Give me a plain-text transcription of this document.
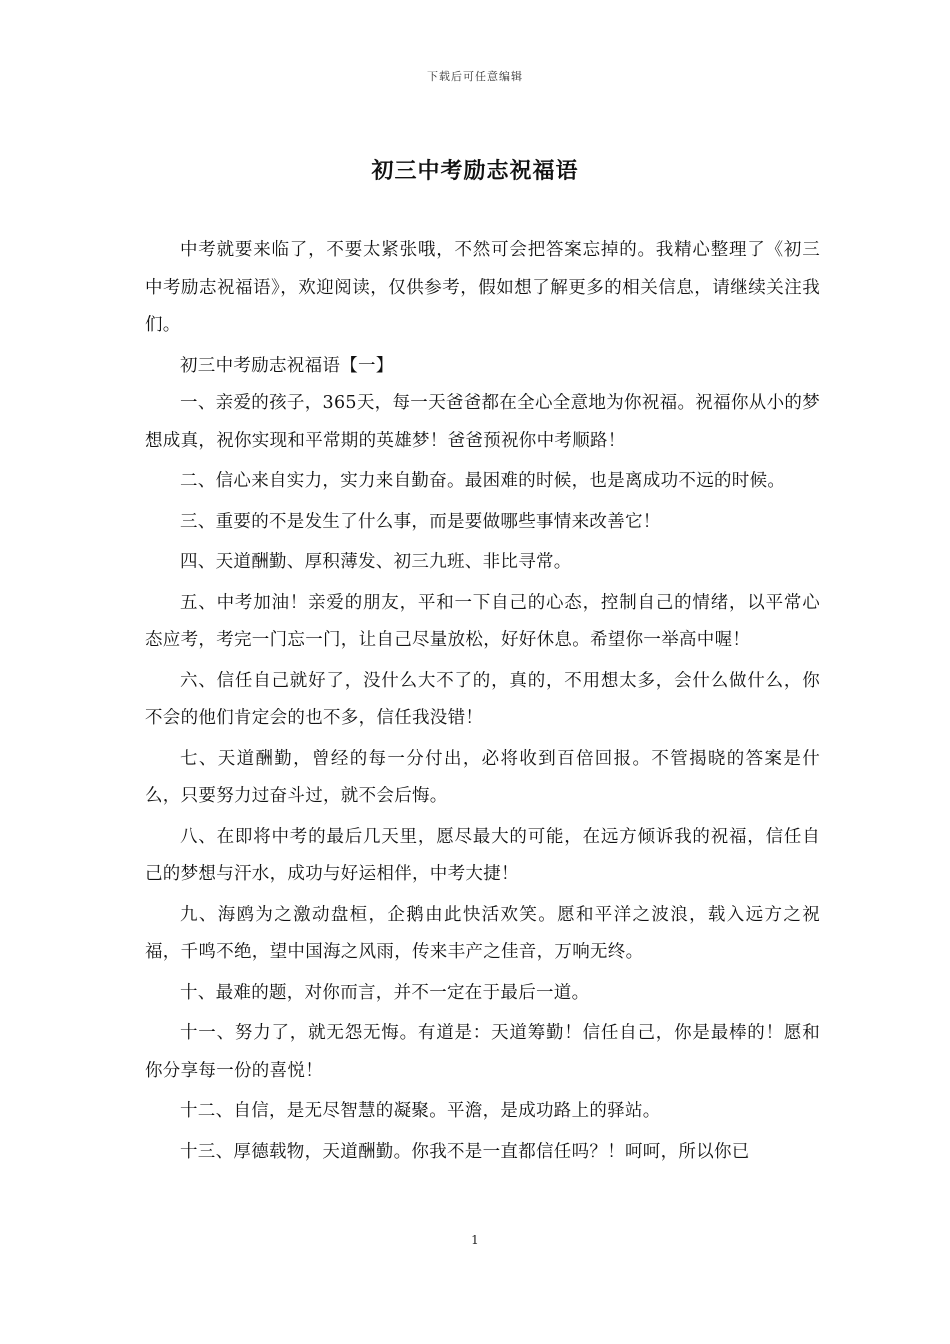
下载后可任意编辑
初三中考励志祝福语

中考就要来临了，不要太紧张哦，不然可会把答案忘掉的。我精心整理了《初三中考励志祝福语》，欢迎阅读，仅供参考，假如想了解更多的相关信息，请继续关注我们。

初三中考励志祝福语【一】

一、亲爱的孩子，365天，每一天爸爸都在全心全意地为你祝福。祝福你从小的梦想成真，祝你实现和平常期的英雄梦！爸爸预祝你中考顺路！

二、信心来自实力，实力来自勤奋。最困难的时候，也是离成功不远的时候。

三、重要的不是发生了什么事，而是要做哪些事情来改善它！

四、天道酬勤、厚积薄发、初三九班、非比寻常。

五、中考加油！亲爱的朋友，平和一下自己的心态，控制自己的情绪，以平常心态应考，考完一门忘一门，让自己尽量放松，好好休息。希望你一举高中喔！

六、信任自己就好了，没什么大不了的，真的，不用想太多，会什么做什么，你不会的他们肯定会的也不多，信任我没错！

七、天道酬勤，曾经的每一分付出，必将收到百倍回报。不管揭晓的答案是什么，只要努力过奋斗过，就不会后悔。

八、在即将中考的最后几天里，愿尽最大的可能，在远方倾诉我的祝福，信任自己的梦想与汗水，成功与好运相伴，中考大捷！

九、海鸥为之激动盘桓，企鹅由此快活欢笑。愿和平洋之波浪，载入远方之祝福，千鸣不绝，望中国海之风雨，传来丰产之佳音，万响无终。

十、最难的题，对你而言，并不一定在于最后一道。

十一、努力了，就无怨无悔。有道是：天道筹勤！信任自己，你是最棒的！愿和你分享每一份的喜悦！

十二、自信，是无尽智慧的凝聚。平澹，是成功路上的驿站。

十三、厚德载物，天道酬勤。你我不是一直都信任吗？！呵呵，所以你已

1
